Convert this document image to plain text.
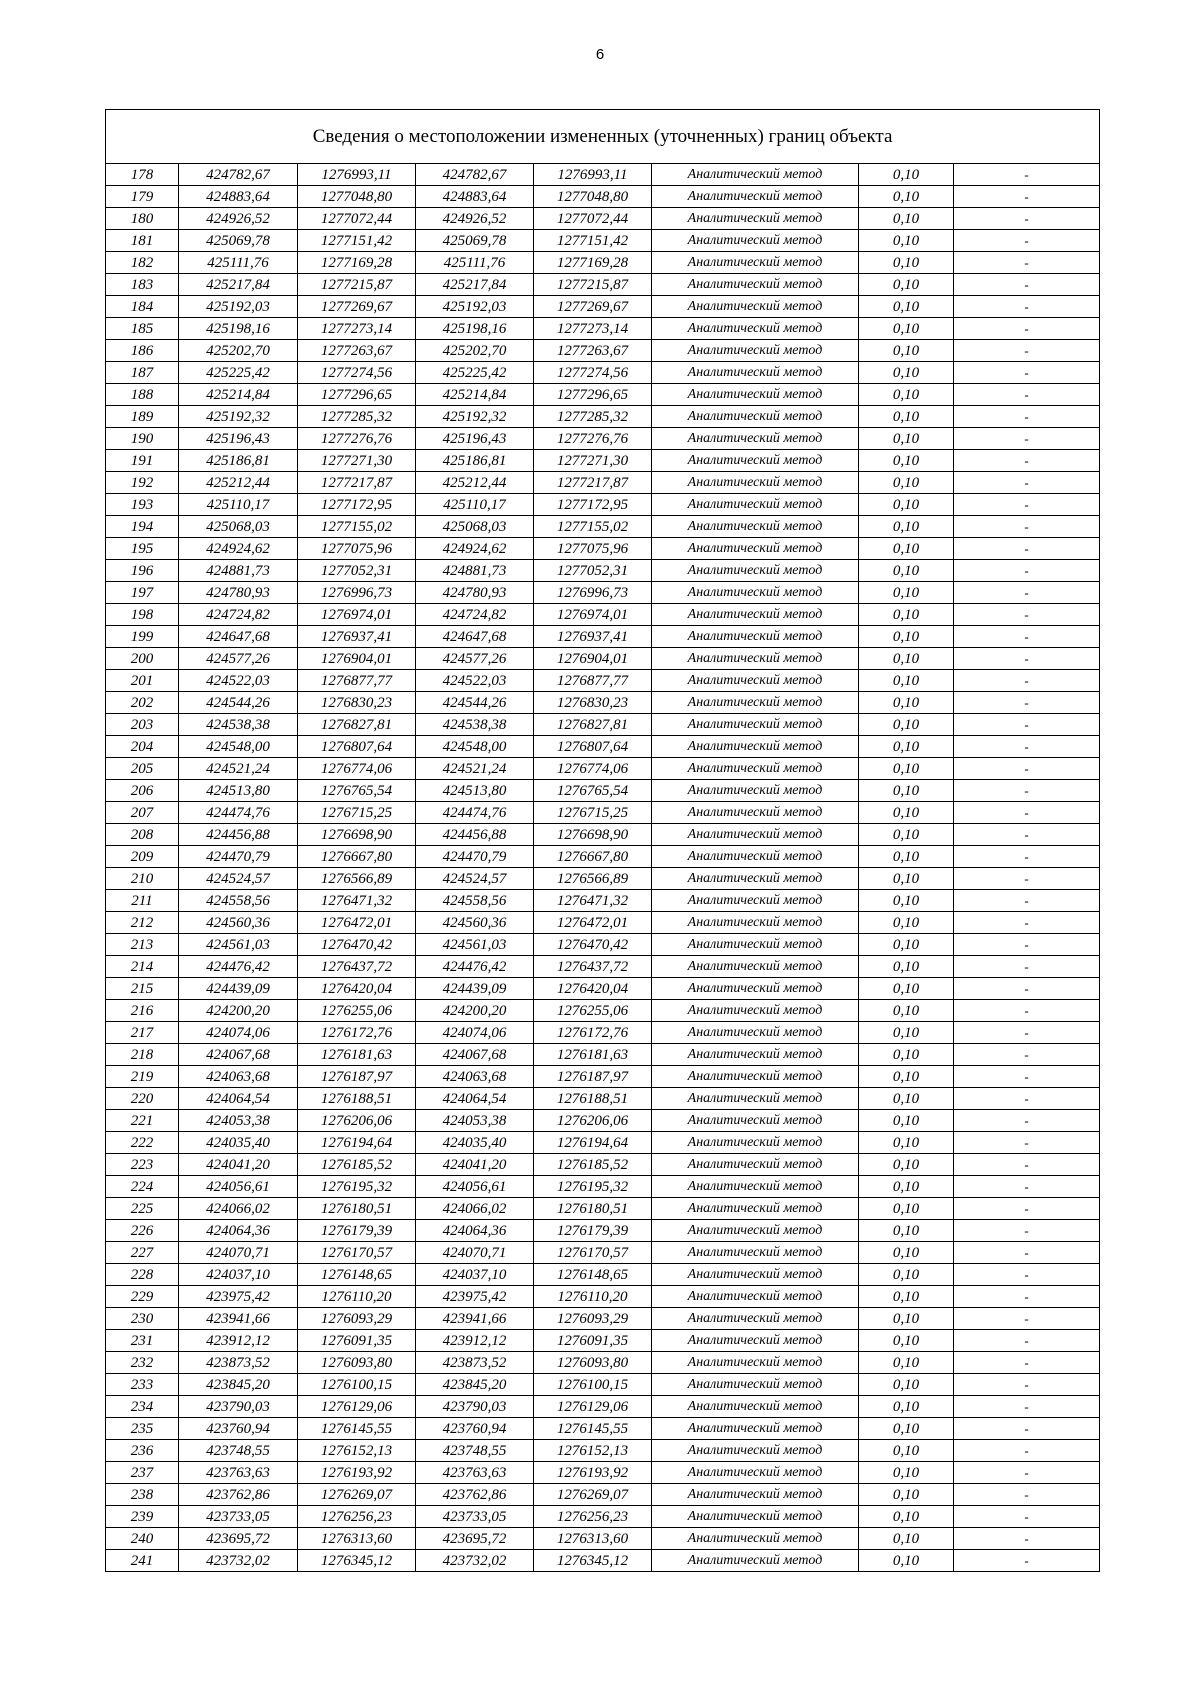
6
Сведения о местоположении измененных (уточненных) границ объекта							
178	424782,67	1276993,11	424782,67	1276993,11	Аналитический метод	0,10	-
179	424883,64	1277048,80	424883,64	1277048,80	Аналитический метод	0,10	-
180	424926,52	1277072,44	424926,52	1277072,44	Аналитический метод	0,10	-
181	425069,78	1277151,42	425069,78	1277151,42	Аналитический метод	0,10	-
182	425111,76	1277169,28	425111,76	1277169,28	Аналитический метод	0,10	-
183	425217,84	1277215,87	425217,84	1277215,87	Аналитический метод	0,10	-
184	425192,03	1277269,67	425192,03	1277269,67	Аналитический метод	0,10	-
185	425198,16	1277273,14	425198,16	1277273,14	Аналитический метод	0,10	-
186	425202,70	1277263,67	425202,70	1277263,67	Аналитический метод	0,10	-
187	425225,42	1277274,56	425225,42	1277274,56	Аналитический метод	0,10	-
188	425214,84	1277296,65	425214,84	1277296,65	Аналитический метод	0,10	-
189	425192,32	1277285,32	425192,32	1277285,32	Аналитический метод	0,10	-
190	425196,43	1277276,76	425196,43	1277276,76	Аналитический метод	0,10	-
191	425186,81	1277271,30	425186,81	1277271,30	Аналитический метод	0,10	-
192	425212,44	1277217,87	425212,44	1277217,87	Аналитический метод	0,10	-
193	425110,17	1277172,95	425110,17	1277172,95	Аналитический метод	0,10	-
194	425068,03	1277155,02	425068,03	1277155,02	Аналитический метод	0,10	-
195	424924,62	1277075,96	424924,62	1277075,96	Аналитический метод	0,10	-
196	424881,73	1277052,31	424881,73	1277052,31	Аналитический метод	0,10	-
197	424780,93	1276996,73	424780,93	1276996,73	Аналитический метод	0,10	-
198	424724,82	1276974,01	424724,82	1276974,01	Аналитический метод	0,10	-
199	424647,68	1276937,41	424647,68	1276937,41	Аналитический метод	0,10	-
200	424577,26	1276904,01	424577,26	1276904,01	Аналитический метод	0,10	-
201	424522,03	1276877,77	424522,03	1276877,77	Аналитический метод	0,10	-
202	424544,26	1276830,23	424544,26	1276830,23	Аналитический метод	0,10	-
203	424538,38	1276827,81	424538,38	1276827,81	Аналитический метод	0,10	-
204	424548,00	1276807,64	424548,00	1276807,64	Аналитический метод	0,10	-
205	424521,24	1276774,06	424521,24	1276774,06	Аналитический метод	0,10	-
206	424513,80	1276765,54	424513,80	1276765,54	Аналитический метод	0,10	-
207	424474,76	1276715,25	424474,76	1276715,25	Аналитический метод	0,10	-
208	424456,88	1276698,90	424456,88	1276698,90	Аналитический метод	0,10	-
209	424470,79	1276667,80	424470,79	1276667,80	Аналитический метод	0,10	-
210	424524,57	1276566,89	424524,57	1276566,89	Аналитический метод	0,10	-
211	424558,56	1276471,32	424558,56	1276471,32	Аналитический метод	0,10	-
212	424560,36	1276472,01	424560,36	1276472,01	Аналитический метод	0,10	-
213	424561,03	1276470,42	424561,03	1276470,42	Аналитический метод	0,10	-
214	424476,42	1276437,72	424476,42	1276437,72	Аналитический метод	0,10	-
215	424439,09	1276420,04	424439,09	1276420,04	Аналитический метод	0,10	-
216	424200,20	1276255,06	424200,20	1276255,06	Аналитический метод	0,10	-
217	424074,06	1276172,76	424074,06	1276172,76	Аналитический метод	0,10	-
218	424067,68	1276181,63	424067,68	1276181,63	Аналитический метод	0,10	-
219	424063,68	1276187,97	424063,68	1276187,97	Аналитический метод	0,10	-
220	424064,54	1276188,51	424064,54	1276188,51	Аналитический метод	0,10	-
221	424053,38	1276206,06	424053,38	1276206,06	Аналитический метод	0,10	-
222	424035,40	1276194,64	424035,40	1276194,64	Аналитический метод	0,10	-
223	424041,20	1276185,52	424041,20	1276185,52	Аналитический метод	0,10	-
224	424056,61	1276195,32	424056,61	1276195,32	Аналитический метод	0,10	-
225	424066,02	1276180,51	424066,02	1276180,51	Аналитический метод	0,10	-
226	424064,36	1276179,39	424064,36	1276179,39	Аналитический метод	0,10	-
227	424070,71	1276170,57	424070,71	1276170,57	Аналитический метод	0,10	-
228	424037,10	1276148,65	424037,10	1276148,65	Аналитический метод	0,10	-
229	423975,42	1276110,20	423975,42	1276110,20	Аналитический метод	0,10	-
230	423941,66	1276093,29	423941,66	1276093,29	Аналитический метод	0,10	-
231	423912,12	1276091,35	423912,12	1276091,35	Аналитический метод	0,10	-
232	423873,52	1276093,80	423873,52	1276093,80	Аналитический метод	0,10	-
233	423845,20	1276100,15	423845,20	1276100,15	Аналитический метод	0,10	-
234	423790,03	1276129,06	423790,03	1276129,06	Аналитический метод	0,10	-
235	423760,94	1276145,55	423760,94	1276145,55	Аналитический метод	0,10	-
236	423748,55	1276152,13	423748,55	1276152,13	Аналитический метод	0,10	-
237	423763,63	1276193,92	423763,63	1276193,92	Аналитический метод	0,10	-
238	423762,86	1276269,07	423762,86	1276269,07	Аналитический метод	0,10	-
239	423733,05	1276256,23	423733,05	1276256,23	Аналитический метод	0,10	-
240	423695,72	1276313,60	423695,72	1276313,60	Аналитический метод	0,10	-
241	423732,02	1276345,12	423732,02	1276345,12	Аналитический метод	0,10	-
